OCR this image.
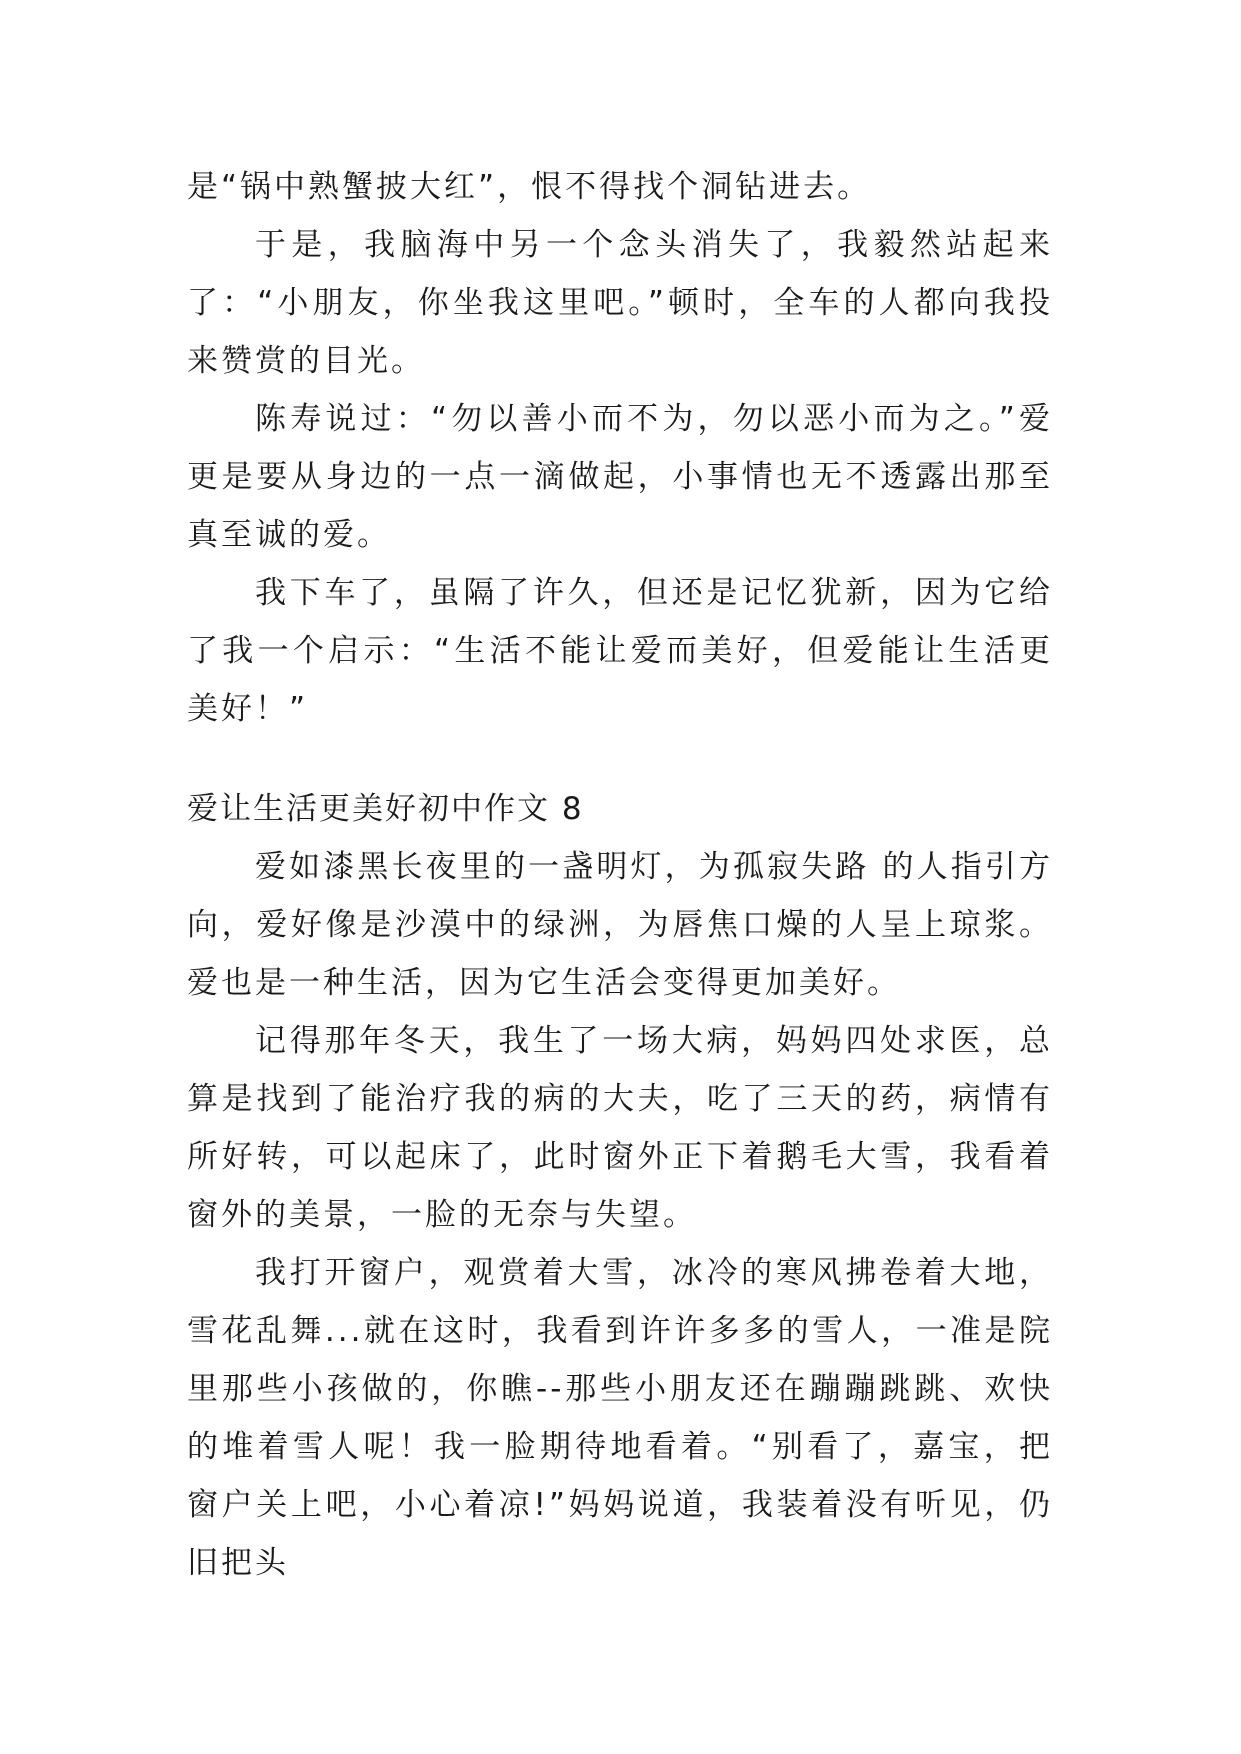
是“锅中熟蟹披大红”，恨不得找个洞钻进去。

于是，我脑海中另一个念头消失了，我毅然站起来了：“小朋友，你坐我这里吧。”顿时，全车的人都向我投来赞赏的目光。

陈寿说过：“勿以善小而不为，勿以恶小而为之。”爱更是要从身边的一点一滴做起，小事情也无不透露出那至真至诚的爱。

我下车了，虽隔了许久，但还是记忆犹新，因为它给了我一个启示：“生活不能让爱而美好，但爱能让生活更美好！”

爱让生活更美好初中作文 8

爱如漆黑长夜里的一盏明灯，为孤寂失路 的人指引方向，爱好像是沙漠中的绿洲，为唇焦口燥的人呈上琼浆。爱也是一种生活，因为它生活会变得更加美好。

记得那年冬天，我生了一场大病，妈妈四处求医，总算是找到了能治疗我的病的大夫，吃了三天的药，病情有所好转，可以起床了，此时窗外正下着鹅毛大雪，我看着窗外的美景，一脸的无奈与失望。

我打开窗户，观赏着大雪，冰冷的寒风拂卷着大地，雪花乱舞...就在这时，我看到许许多多的雪人，一准是院里那些小孩做的，你瞧--那些小朋友还在蹦蹦跳跳、欢快的堆着雪人呢！我一脸期待地看着。“别看了，嘉宝，把窗户关上吧，小心着凉!”妈妈说道，我装着没有听见，仍旧把头
